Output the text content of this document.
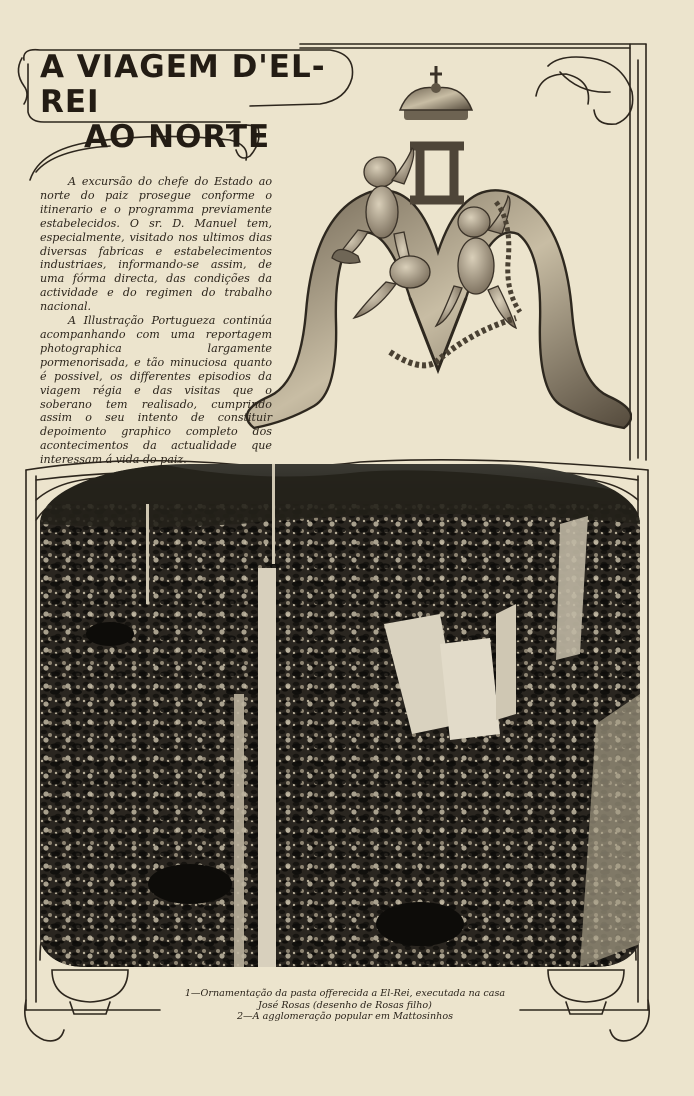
A VIAGEM D'EL-REI
AO NORTE

A excursão do chefe do Estado ao norte do paiz prosegue conforme o itinerario e o programma previamente estabelecidos. O sr. D. Manuel tem, especialmente, visitado nos ultimos dias diversas fabricas e estabelecimentos industriaes, informando-se assim, de uma fórma directa, das condições da actividade e do regimen do trabalho nacional.

A Illustração Portugueza continúa acompanhando com uma reportagem photographica largamente pormenorisada, e tão minuciosa quanto é possivel, os differentes episodios da viagem régia e das visitas que o soberano tem realisado, cumprindo assim o seu intento de constituir depoimento graphico completo dos acontecimentos da actualidade que interessam á vida do paiz.

1—Ornamentação da pasta offerecida a El-Rei, executada na casa
José Rosas (desenho de Rosas filho)
2—A agglomeração popular em Mattosinhos
